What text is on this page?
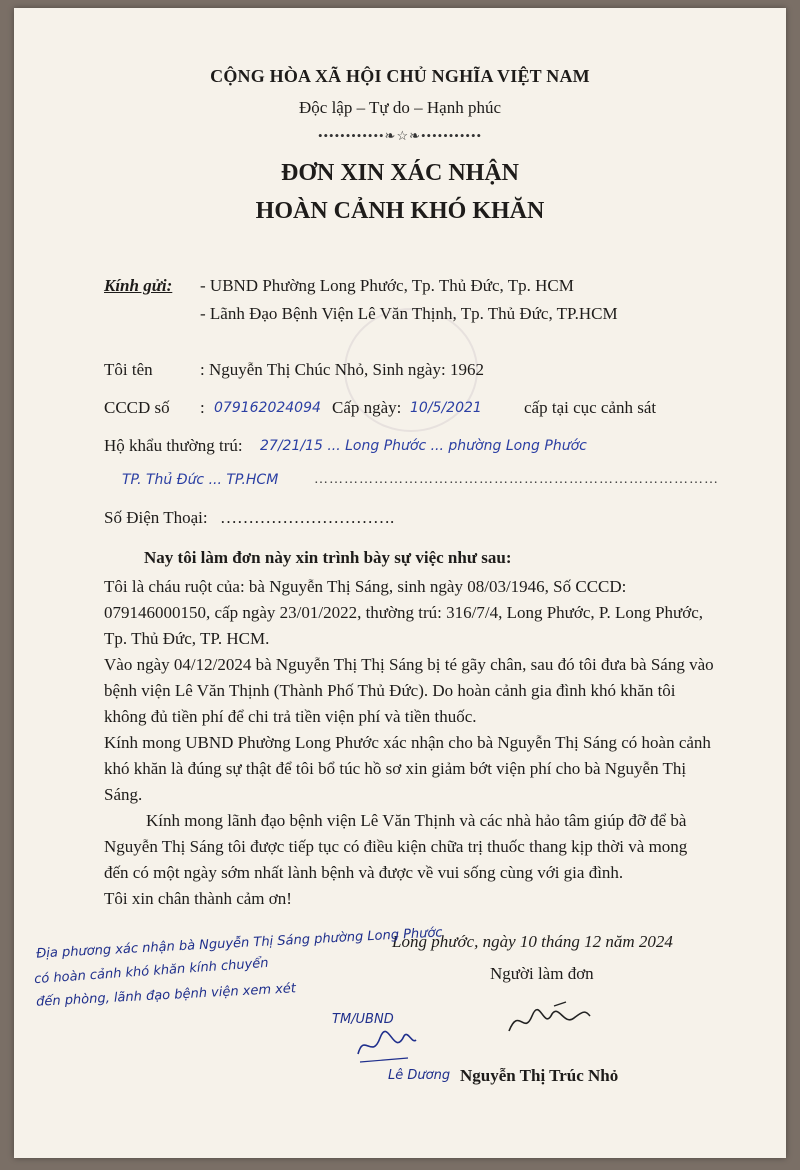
CỘNG HÒA XÃ HỘI CHỦ NGHĨA VIỆT NAM
Độc lập – Tự do – Hạnh phúc
••••••••••••❧☆❧•••••••••••
ĐƠN XIN XÁC NHẬN
HOÀN CẢNH KHÓ KHĂN
Kính gửi: - UBND Phường Long Phước, Tp. Thủ Đức, Tp. HCM
- Lãnh Đạo Bệnh Viện Lê Văn Thịnh, Tp. Thủ Đức, TP.HCM
Tôi tên	: Nguyễn Thị Chúc Nhỏ, Sinh ngày: 1962
CCCD số : 079162024094 Cấp ngày: 10/5/2021 cấp tại cục cảnh sát
Hộ khẩu thường trú: 27/21/15 ... Long Phước ... phường Long Phước
TP. Thủ Đức ... TP.HCM	………………………………………………………………………
Số Điện Thoại: ………………………….
Nay tôi làm đơn này xin trình bày sự việc như sau:

Tôi là cháu ruột của: bà Nguyễn Thị Sáng, sinh ngày 08/03/1946, Số CCCD: 079146000150, cấp ngày 23/01/2022, thường trú: 316/7/4, Long Phước, P. Long Phước, Tp. Thủ Đức, TP. HCM.

Vào ngày 04/12/2024 bà Nguyễn Thị Thị Sáng bị té gãy chân, sau đó tôi đưa bà Sáng vào bệnh viện Lê Văn Thịnh (Thành Phố Thủ Đức). Do hoàn cảnh gia đình khó khăn tôi không đủ tiền phí để chi trả tiền viện phí và tiền thuốc.

Kính mong UBND Phường Long Phước xác nhận cho bà Nguyễn Thị Sáng có hoàn cảnh khó khăn là đúng sự thật để tôi bổ túc hồ sơ xin giảm bớt viện phí cho bà Nguyễn Thị Sáng.

Kính mong lãnh đạo bệnh viện Lê Văn Thịnh và các nhà hảo tâm giúp đỡ để bà Nguyễn Thị Sáng tôi được tiếp tục có điều kiện chữa trị thuốc thang kịp thời và mong đến có một ngày sớm nhất lành bệnh và được về vui sống cùng với gia đình.

Tôi xin chân thành cảm ơn!

Long phước, ngày 10 tháng 12 năm 2024
Người làm đơn
Nguyễn Thị Trúc Nhỏ
Địa phương xác nhận bà Nguyễn Thị Sáng phường Long Phước
có hoàn cảnh khó khăn kính chuyển
đến phòng, lãnh đạo bệnh viện xem xét
TM/UBND
Lê Dương
